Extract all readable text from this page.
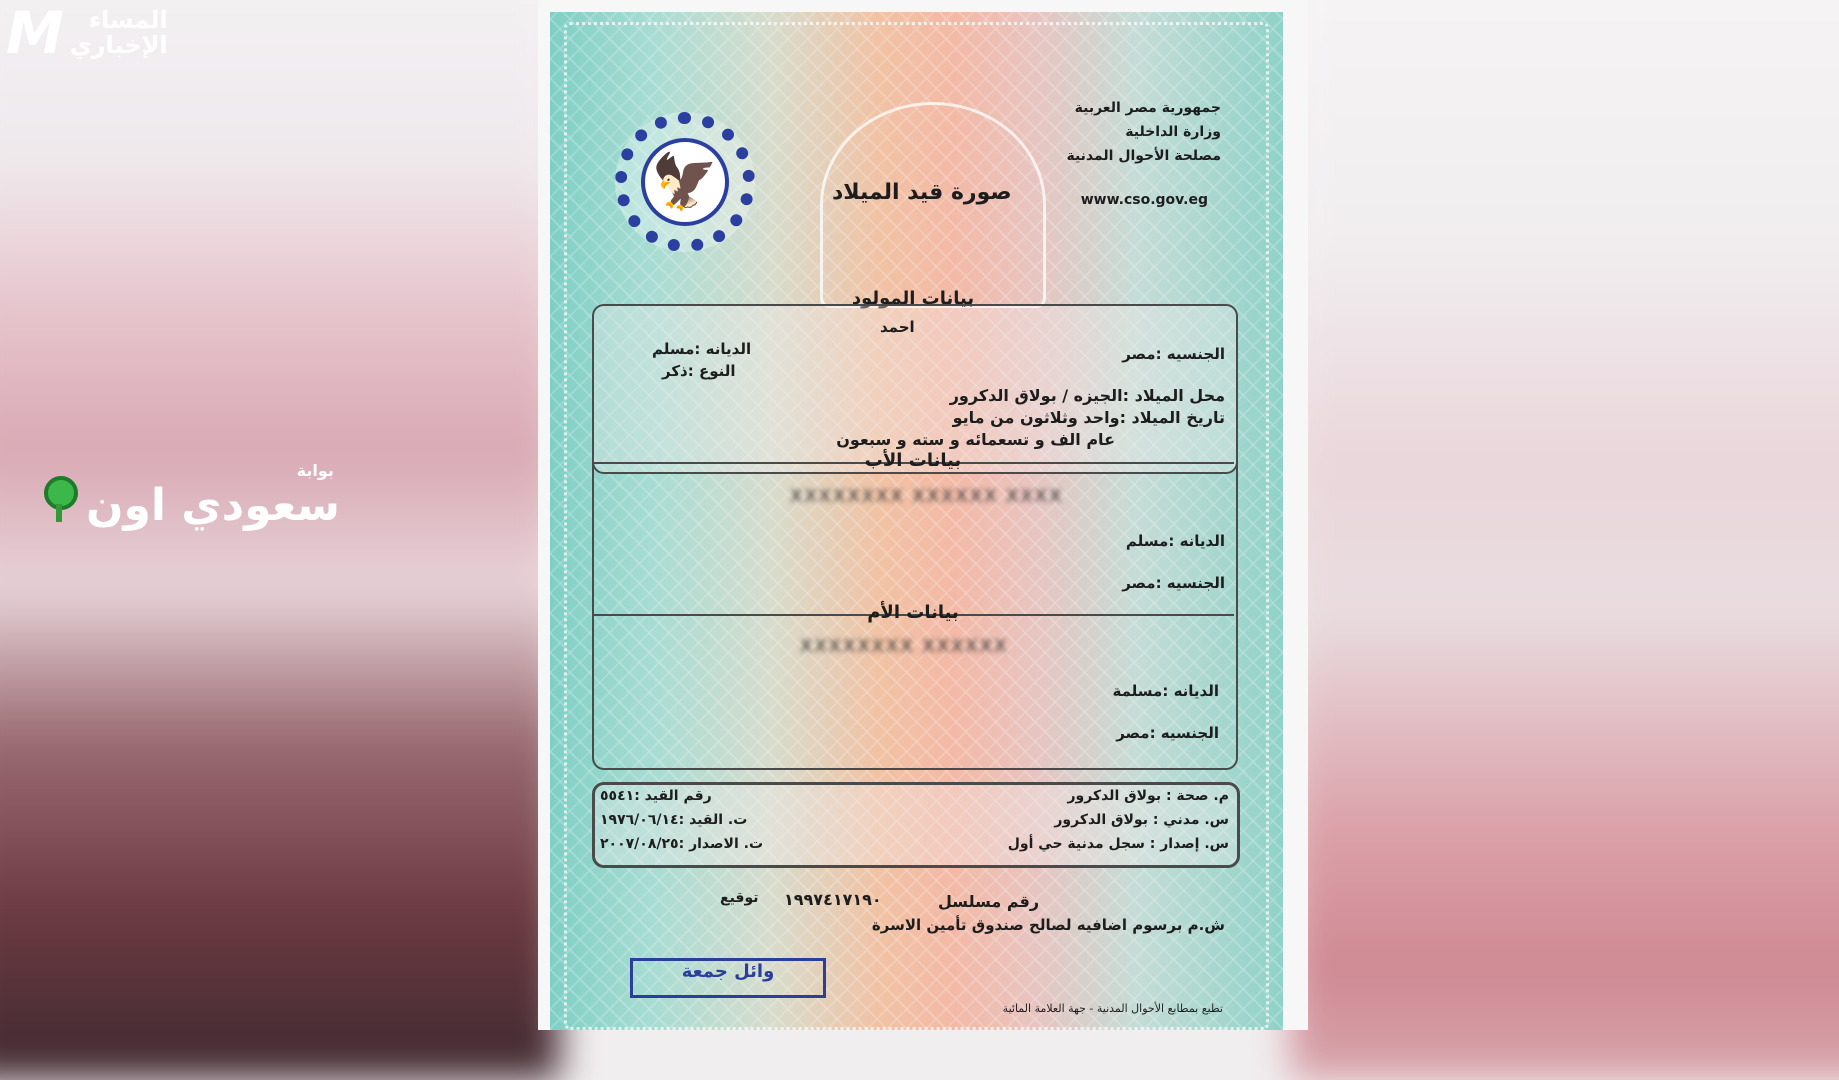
M	المساء
الإخباري
بوابة
سعودي اون
🦅
جمهورية مصر العربية
وزارة الداخلية
مصلحة الأحوال المدنية
www.cso.gov.eg
صورة قيد الميلاد
بيانات المولود
احمد
الجنسيه :مصر
الديانه :مسلم
النوع :ذكر
محل الميلاد :الجيزه / بولاق الدكرور
تاريخ الميلاد :واحد وثلاثون من مايو
عام الف و تسعمائه و سته و سبعون
بيانات الأب
XXXXXXXX XXXXXX XXXX
الديانه :مسلم
الجنسيه :مصر
بيانات الأم
XXXXXXXX XXXXXX
الديانه :مسلمة
الجنسيه :مصر
م. صحة : بولاق الدكرور
س. مدني : بولاق الدكرور
س. إصدار : سجل مدنية حي أول
رقم القيد :٥٥٤١
ت. القيد :١٩٧٦/٠٦/١٤
ت. الاصدار :٢٠٠٧/٠٨/٢٥
رقم مسلسل
١٩٩٧٤١٧١٩٠
توقيع
ش.م برسوم اضافيه لصالح صندوق تأمين الاسرة
وائل جمعة
تطبع بمطابع الأحوال المدنية - جهة العلامة المائية
